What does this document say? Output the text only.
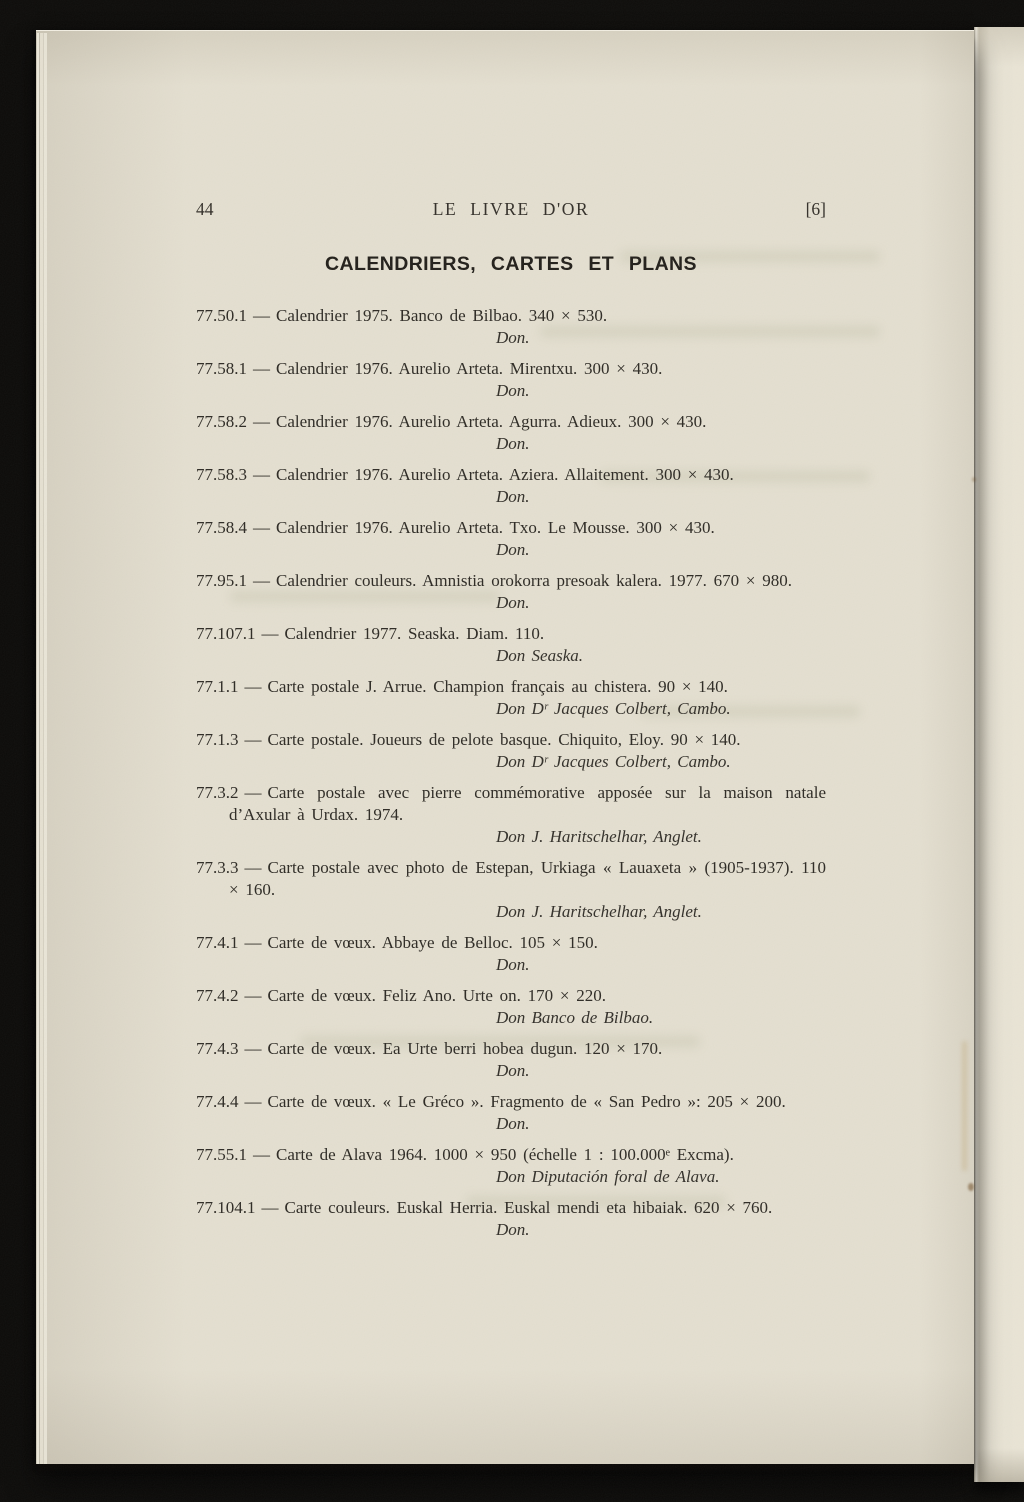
44	LE LIVRE D'OR	[6]
CALENDRIERS, CARTES ET PLANS

77.50.1 — Calendrier 1975. Banco de Bilbao. 340 × 530.

Don.

77.58.1 — Calendrier 1976. Aurelio Arteta. Mirentxu. 300 × 430.

Don.

77.58.2 — Calendrier 1976. Aurelio Arteta. Agurra. Adieux. 300 × 430.

Don.

77.58.3 — Calendrier 1976. Aurelio Arteta. Aziera. Allaitement. 300 × 430.

Don.

77.58.4 — Calendrier 1976. Aurelio Arteta. Txo. Le Mousse. 300 × 430.

Don.

77.95.1 — Calendrier couleurs. Amnistia orokorra presoak kalera. 1977. 670 × 980.

Don.

77.107.1 — Calendrier 1977. Seaska. Diam. 110.

Don Seaska.

77.1.1 — Carte postale J. Arrue. Champion français au chistera. 90 × 140.

Don Dʳ Jacques Colbert, Cambo.

77.1.3 — Carte postale. Joueurs de pelote basque. Chiquito, Eloy. 90 × 140.

Don Dʳ Jacques Colbert, Cambo.

77.3.2 — Carte postale avec pierre commémorative apposée sur la maison natale d’Axular à Urdax. 1974.

Don J. Haritschelhar, Anglet.

77.3.3 — Carte postale avec photo de Estepan, Urkiaga « Lauaxeta » (1905-1937). 110 × 160.

Don J. Haritschelhar, Anglet.

77.4.1 — Carte de vœux. Abbaye de Belloc. 105 × 150.

Don.

77.4.2 — Carte de vœux. Feliz Ano. Urte on. 170 × 220.

Don Banco de Bilbao.

77.4.3 — Carte de vœux. Ea Urte berri hobea dugun. 120 × 170.

Don.

77.4.4 — Carte de vœux. « Le Gréco ». Fragmento de « San Pedro »: 205 × 200.

Don.

77.55.1 — Carte de Alava 1964. 1000 × 950 (échelle 1 : 100.000ᵉ Excma).

Don Diputación foral de Alava.

77.104.1 — Carte couleurs. Euskal Herria. Euskal mendi eta hibaiak. 620 × 760.

Don.
